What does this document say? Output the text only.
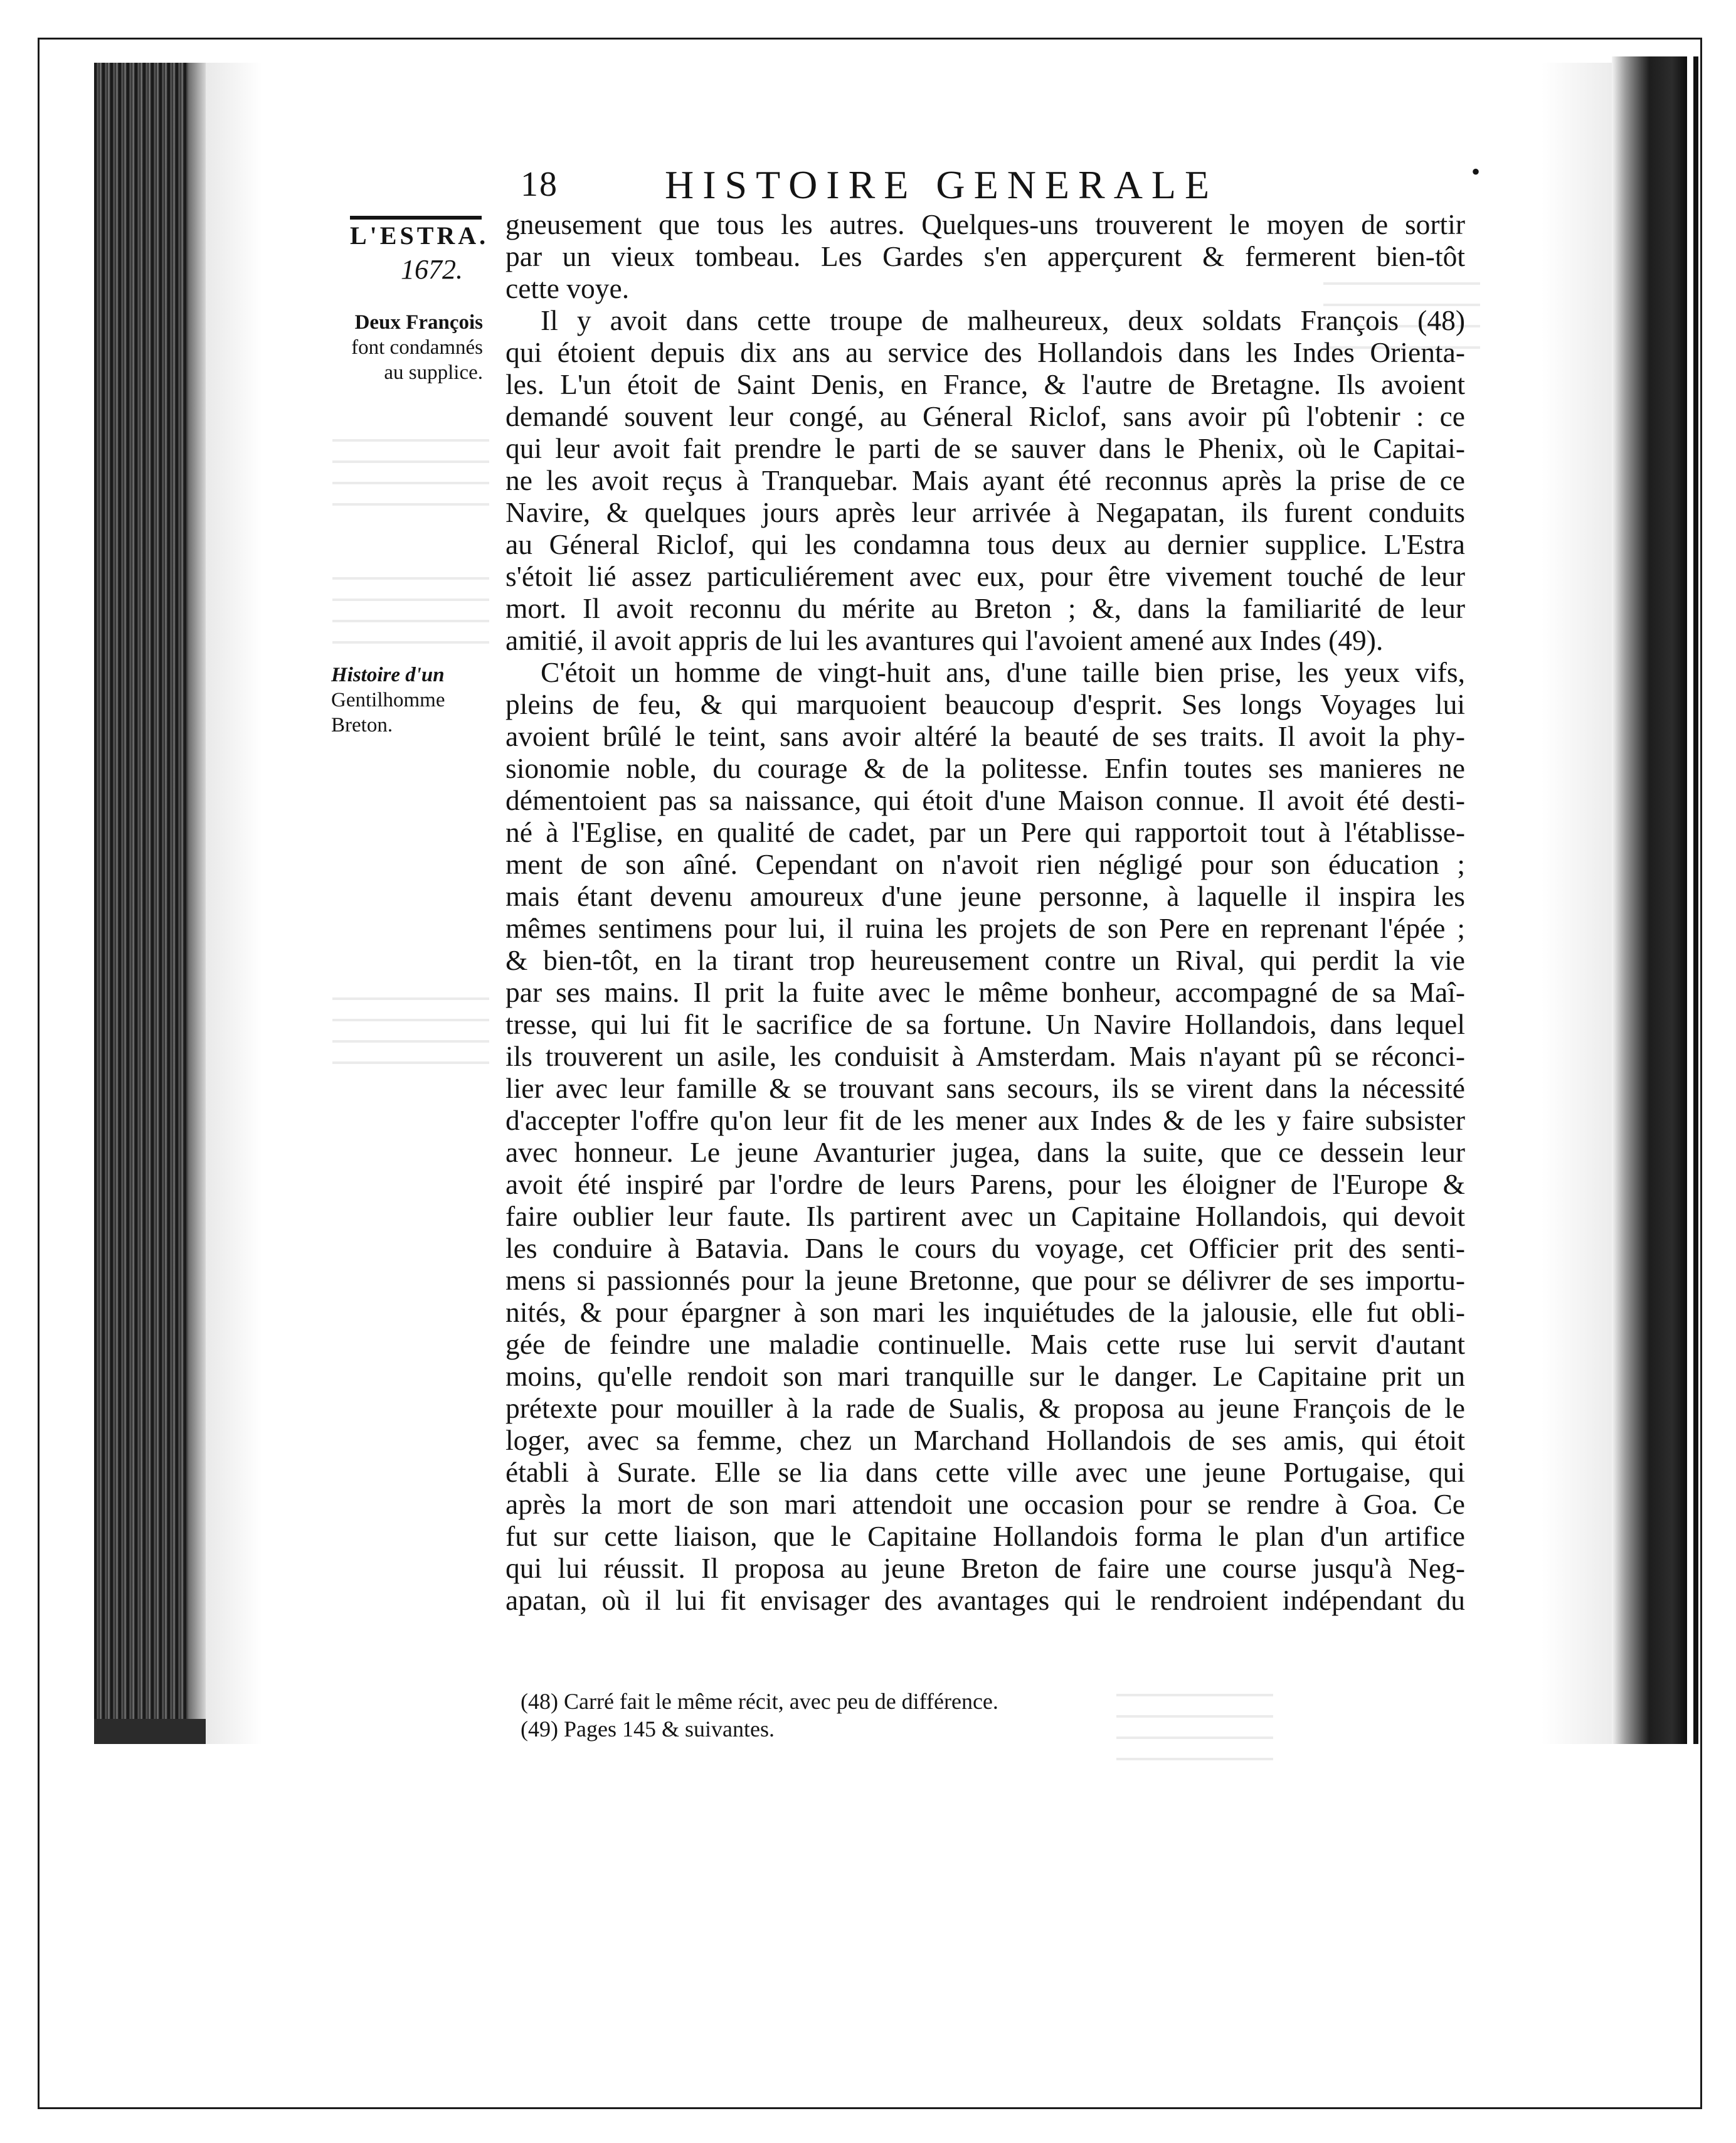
18	HISTOIRE GENERALE	•
L'ESTRA.
1672.
Deux François
font condamnés
au supplice.
Histoire d'un
Gentilhomme
Breton.
gneusement que tous les autres. Quelques-uns trouverent le moyen de sortir
par un vieux tombeau. Les Gardes s'en apperçurent & fermerent bien-tôt
cette voye.
Il y avoit dans cette troupe de malheureux, deux soldats François (48)
qui étoient depuis dix ans au service des Hollandois dans les Indes Orienta-
les. L'un étoit de Saint Denis, en France, & l'autre de Bretagne. Ils avoient
demandé souvent leur congé, au Géneral Riclof, sans avoir pû l'obtenir : ce
qui leur avoit fait prendre le parti de se sauver dans le Phenix, où le Capitai-
ne les avoit reçus à Tranquebar. Mais ayant été reconnus après la prise de ce
Navire, & quelques jours après leur arrivée à Negapatan, ils furent conduits
au Géneral Riclof, qui les condamna tous deux au dernier supplice. L'Estra
s'étoit lié assez particuliérement avec eux, pour être vivement touché de leur
mort. Il avoit reconnu du mérite au Breton ; &, dans la familiarité de leur
amitié, il avoit appris de lui les avantures qui l'avoient amené aux Indes (49).
C'étoit un homme de vingt-huit ans, d'une taille bien prise, les yeux vifs,
pleins de feu, & qui marquoient beaucoup d'esprit. Ses longs Voyages lui
avoient brûlé le teint, sans avoir altéré la beauté de ses traits. Il avoit la phy-
sionomie noble, du courage & de la politesse. Enfin toutes ses manieres ne
démentoient pas sa naissance, qui étoit d'une Maison connue. Il avoit été desti-
né à l'Eglise, en qualité de cadet, par un Pere qui rapportoit tout à l'établisse-
ment de son aîné. Cependant on n'avoit rien négligé pour son éducation ;
mais étant devenu amoureux d'une jeune personne, à laquelle il inspira les
mêmes sentimens pour lui, il ruina les projets de son Pere en reprenant l'épée ;
& bien-tôt, en la tirant trop heureusement contre un Rival, qui perdit la vie
par ses mains. Il prit la fuite avec le même bonheur, accompagné de sa Maî-
tresse, qui lui fit le sacrifice de sa fortune. Un Navire Hollandois, dans lequel
ils trouverent un asile, les conduisit à Amsterdam. Mais n'ayant pû se réconci-
lier avec leur famille & se trouvant sans secours, ils se virent dans la nécessité
d'accepter l'offre qu'on leur fit de les mener aux Indes & de les y faire subsister
avec honneur. Le jeune Avanturier jugea, dans la suite, que ce dessein leur
avoit été inspiré par l'ordre de leurs Parens, pour les éloigner de l'Europe &
faire oublier leur faute. Ils partirent avec un Capitaine Hollandois, qui devoit
les conduire à Batavia. Dans le cours du voyage, cet Officier prit des senti-
mens si passionnés pour la jeune Bretonne, que pour se délivrer de ses importu-
nités, & pour épargner à son mari les inquiétudes de la jalousie, elle fut obli-
gée de feindre une maladie continuelle. Mais cette ruse lui servit d'autant
moins, qu'elle rendoit son mari tranquille sur le danger. Le Capitaine prit un
prétexte pour mouiller à la rade de Sualis, & proposa au jeune François de le
loger, avec sa femme, chez un Marchand Hollandois de ses amis, qui étoit
établi à Surate. Elle se lia dans cette ville avec une jeune Portugaise, qui
après la mort de son mari attendoit une occasion pour se rendre à Goa. Ce
fut sur cette liaison, que le Capitaine Hollandois forma le plan d'un artifice
qui lui réussit. Il proposa au jeune Breton de faire une course jusqu'à Neg-
apatan, où il lui fit envisager des avantages qui le rendroient indépendant du
(48) Carré fait le même récit, avec peu de différence.
(49) Pages 145 & suivantes.
